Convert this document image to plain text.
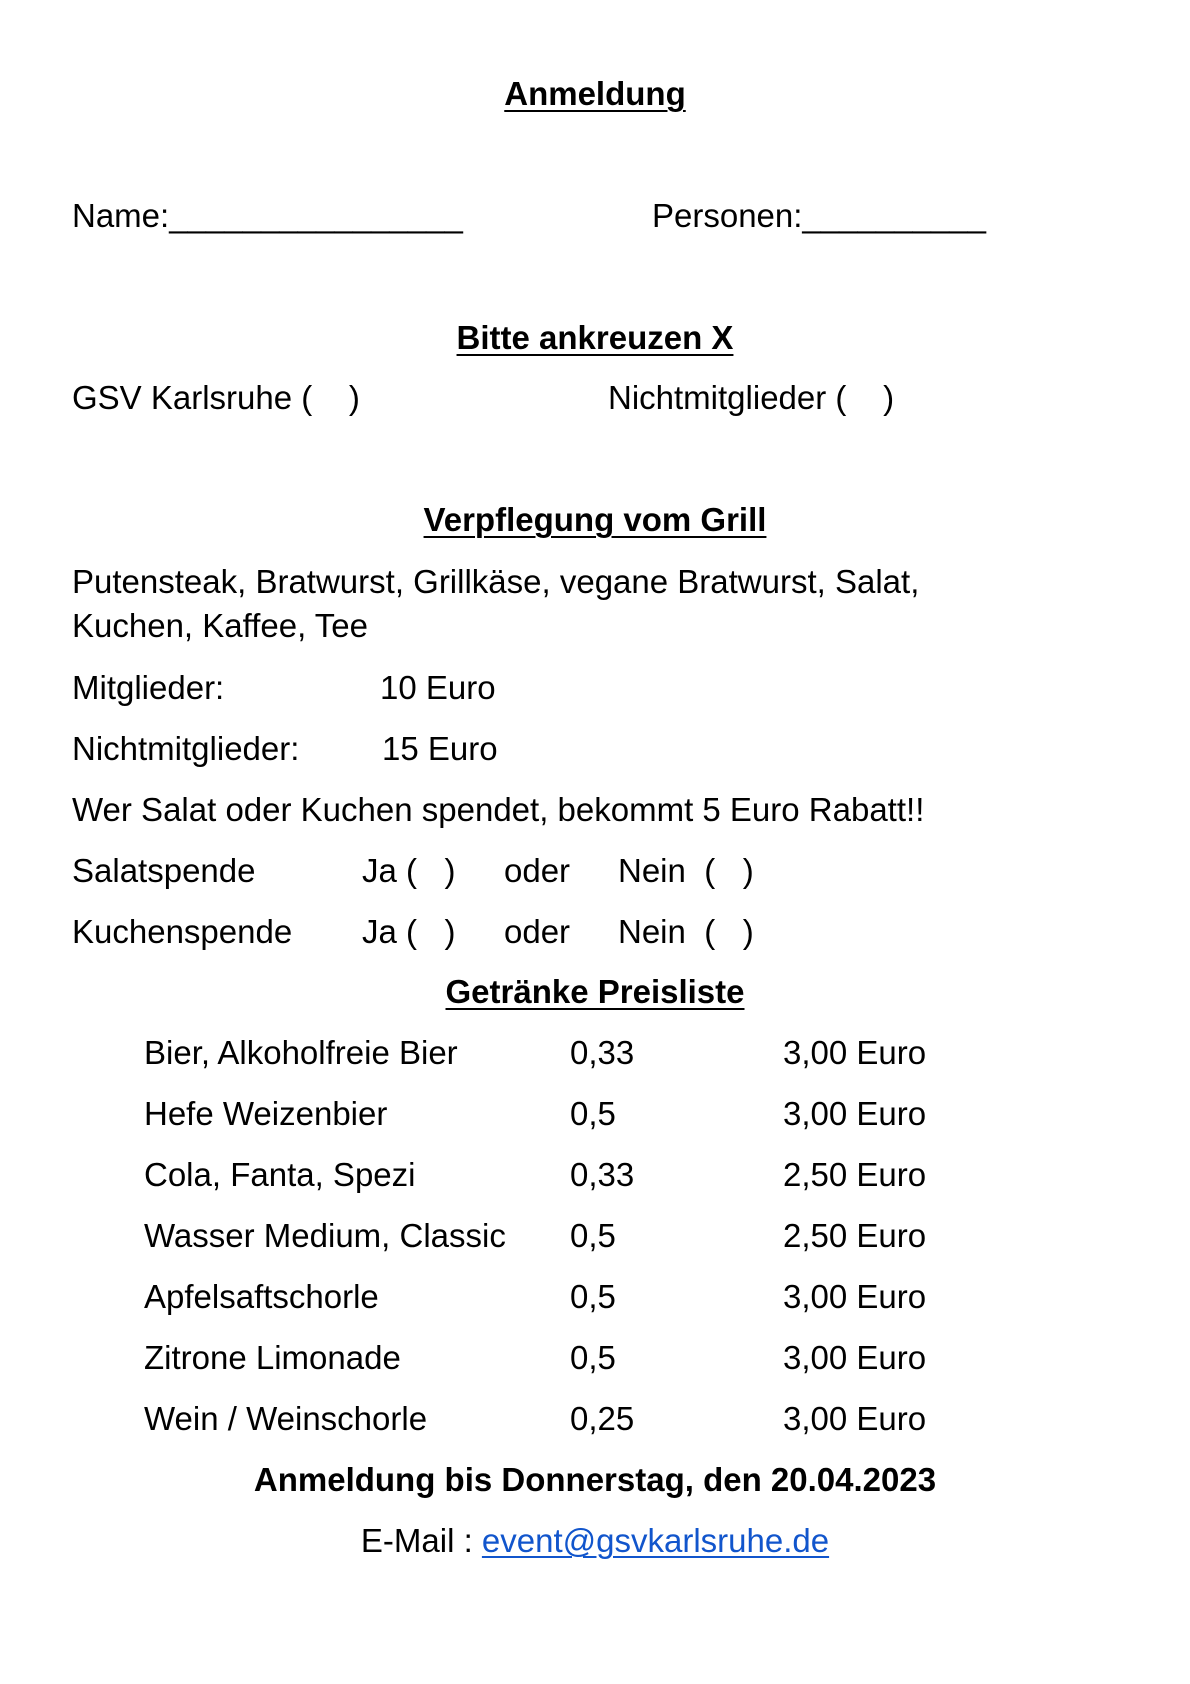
Anmeldung
Name:________________	Personen:__________
Bitte ankreuzen X
GSV Karlsruhe (    )	Nichtmitglieder (    )
Verpflegung vom Grill
Putensteak, Bratwurst, Grillkäse, vegane Bratwurst, Salat,
Kuchen, Kaffee, Tee
Mitglieder:	10 Euro
Nichtmitglieder:	15 Euro
Wer Salat oder Kuchen spendet, bekommt 5 Euro Rabatt!!
Salatspende	Ja (   ) oder Nein  (   )
Kuchenspende Ja (   ) oder Nein  (   )
Getränke Preisliste
Bier, Alkoholfreie Bier	0,33	3,00 Euro
Hefe Weizenbier	0,5	3,00 Euro
Cola, Fanta, Spezi	0,33	2,50 Euro
Wasser Medium, Classic 0,5	2,50 Euro
Apfelsaftschorle	0,5	3,00 Euro
Zitrone Limonade	0,5	3,00 Euro
Wein / Weinschorle	0,25	3,00 Euro
Anmeldung bis Donnerstag, den 20.04.2023
E-Mail : event@gsvkarlsruhe.de
